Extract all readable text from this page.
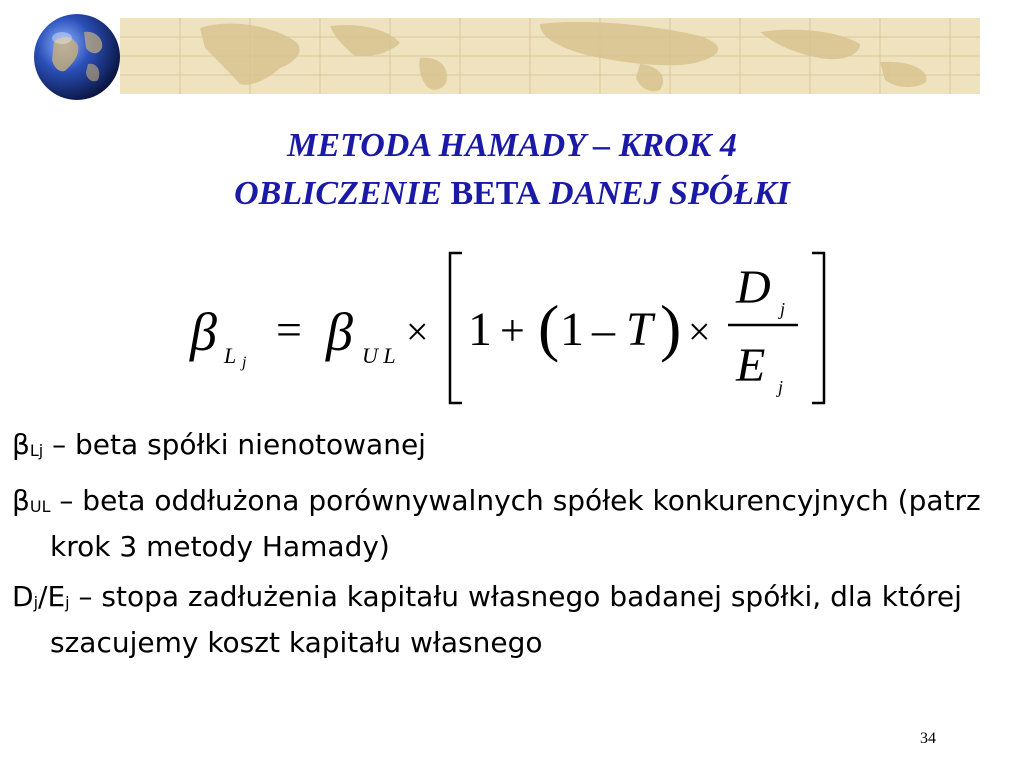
METODA HAMADY – KROK 4
OBLICZENIE BETA DANEJ SPÓŁKI
β L j
= β U L
× 1 + ( 1 – T ) ×
D j
E j
$\beta_{Lj}$ – beta spółki nienotowanej
$\beta_{UL}$ – beta oddłużona porównywalnych spółek konkurencyjnych (patrz krok 3 metody Hamady)
$D_j/E_j$ – stopa zadłużenia kapitału własnego badanej spółki, dla której szacujemy koszt kapitału własnego
34
